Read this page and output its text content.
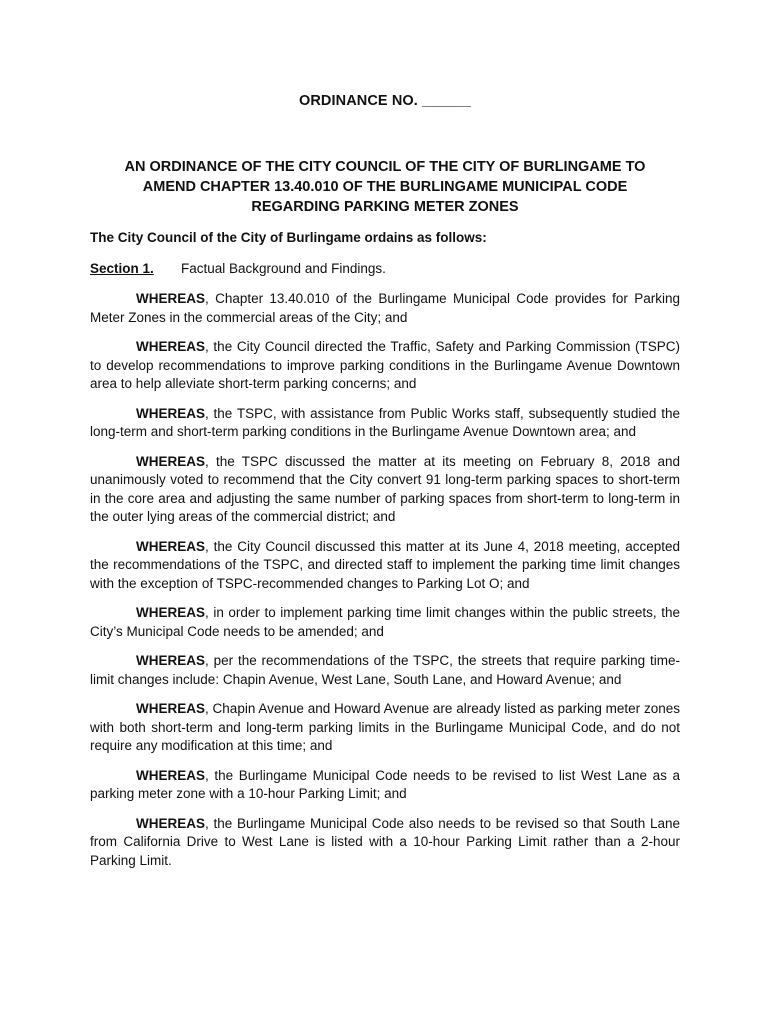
ORDINANCE NO. ______
AN ORDINANCE OF THE CITY COUNCIL OF THE CITY OF BURLINGAME TO
AMEND CHAPTER 13.40.010 OF THE BURLINGAME MUNICIPAL CODE
REGARDING PARKING METER ZONES
The City Council of the City of Burlingame ordains as follows:
Section 1. Factual Background and Findings.

WHEREAS, Chapter 13.40.010 of the Burlingame Municipal Code provides for Parking Meter Zones in the commercial areas of the City; and

WHEREAS, the City Council directed the Traffic, Safety and Parking Commission (TSPC) to develop recommendations to improve parking conditions in the Burlingame Avenue Downtown area to help alleviate short-term parking concerns; and

WHEREAS, the TSPC, with assistance from Public Works staff, subsequently studied the long-term and short-term parking conditions in the Burlingame Avenue Downtown area; and

WHEREAS, the TSPC discussed the matter at its meeting on February 8, 2018 and unanimously voted to recommend that the City convert 91 long-term parking spaces to short-term in the core area and adjusting the same number of parking spaces from short-term to long-term in the outer lying areas of the commercial district; and

WHEREAS, the City Council discussed this matter at its June 4, 2018 meeting, accepted the recommendations of the TSPC, and directed staff to implement the parking time limit changes with the exception of TSPC-recommended changes to Parking Lot O; and

WHEREAS, in order to implement parking time limit changes within the public streets, the City’s Municipal Code needs to be amended; and

WHEREAS, per the recommendations of the TSPC, the streets that require parking time-limit changes include: Chapin Avenue, West Lane, South Lane, and Howard Avenue; and

WHEREAS, Chapin Avenue and Howard Avenue are already listed as parking meter zones with both short-term and long-term parking limits in the Burlingame Municipal Code, and do not require any modification at this time; and

WHEREAS, the Burlingame Municipal Code needs to be revised to list West Lane as a parking meter zone with a 10-hour Parking Limit; and

WHEREAS, the Burlingame Municipal Code also needs to be revised so that South Lane from California Drive to West Lane is listed with a 10-hour Parking Limit rather than a 2-hour Parking Limit.
